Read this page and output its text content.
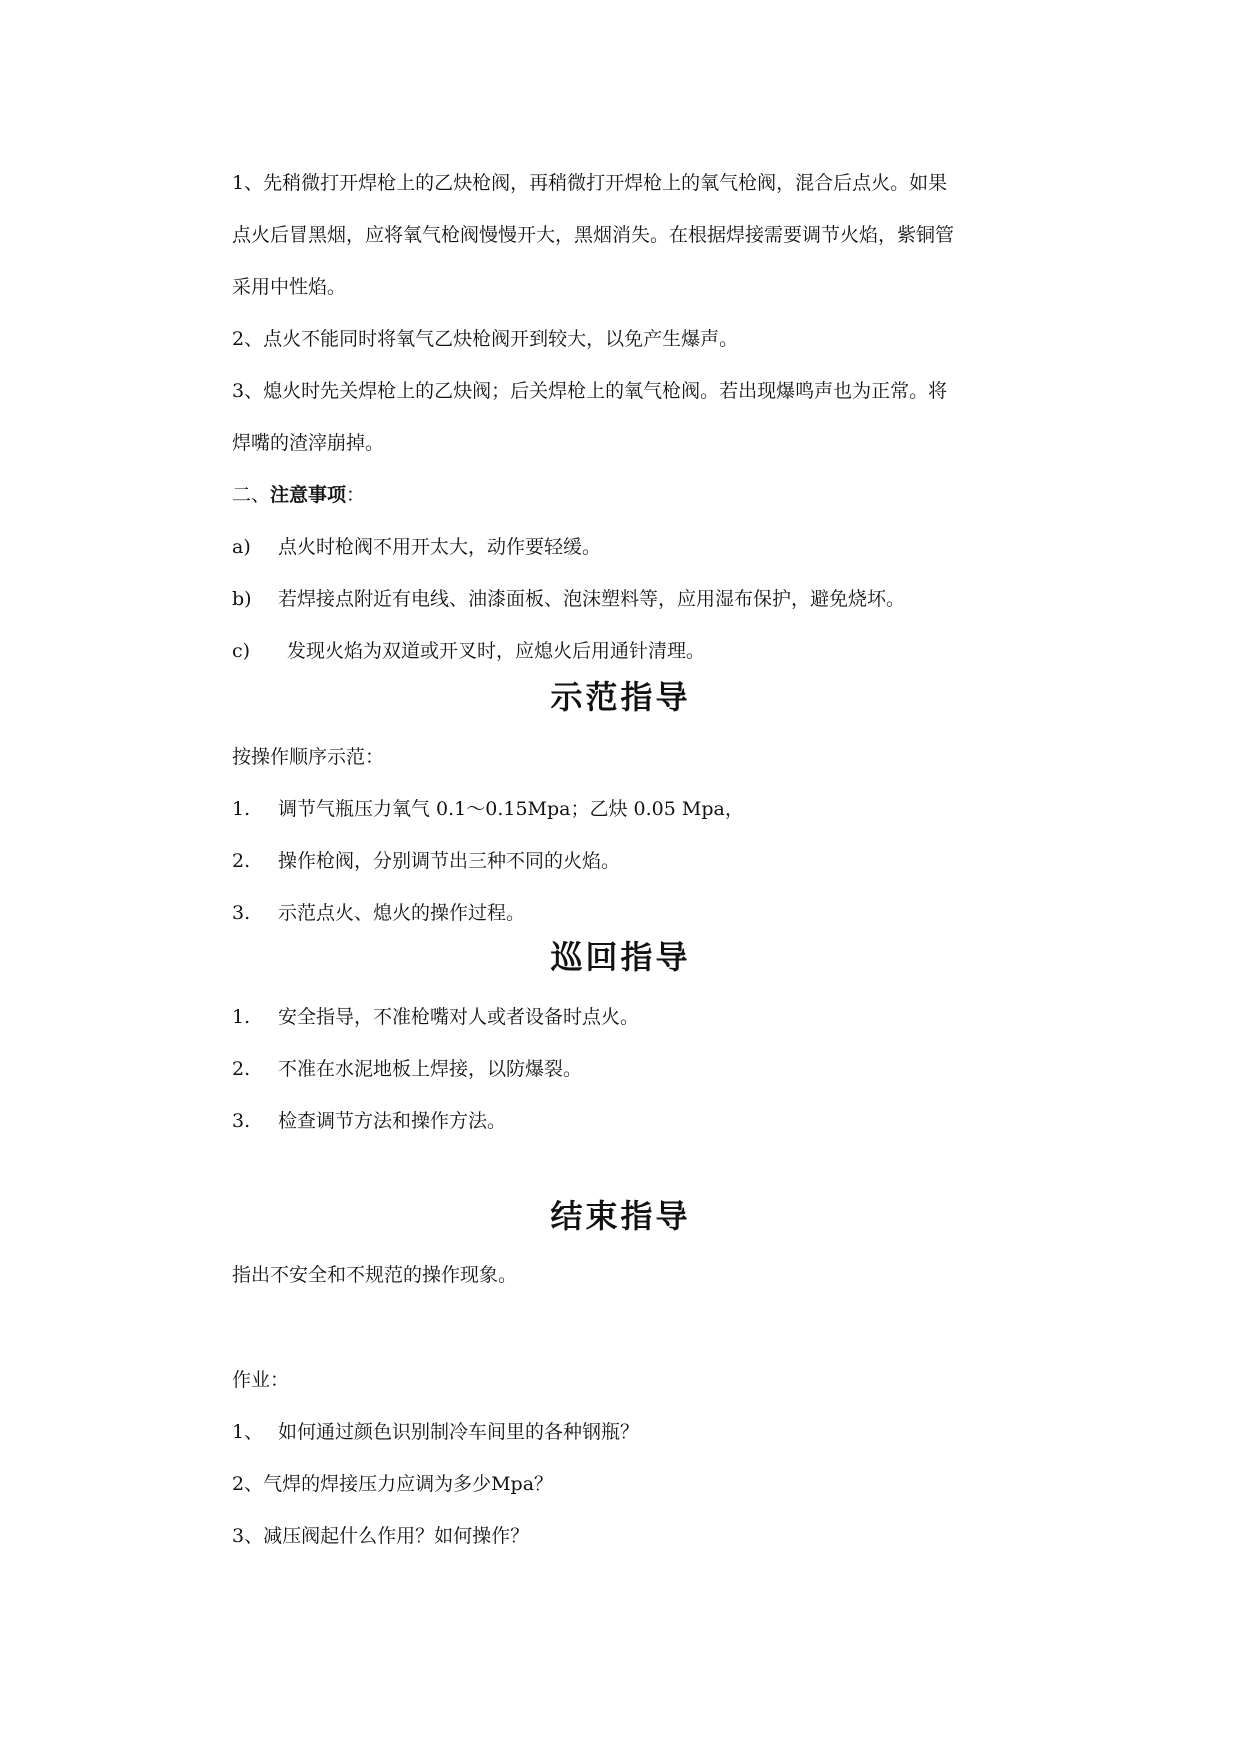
1、先稍微打开焊枪上的乙炔枪阀，再稍微打开焊枪上的氧气枪阀，混合后点火。如果
点火后冒黑烟，应将氧气枪阀慢慢开大，黑烟消失。在根据焊接需要调节火焰，紫铜管
采用中性焰。
2、点火不能同时将氧气乙炔枪阀开到较大，以免产生爆声。
3、熄火时先关焊枪上的乙炔阀；后关焊枪上的氧气枪阀。若出现爆鸣声也为正常。将
焊嘴的渣滓崩掉。
二、注意事项：
a) 点火时枪阀不用开太大，动作要轻缓。
b) 若焊接点附近有电线、油漆面板、泡沫塑料等，应用湿布保护，避免烧坏。
c) 发现火焰为双道或开叉时，应熄火后用通针清理。
示范指导
按操作顺序示范：
1. 调节气瓶压力氧气 0.1～0.15Mpa；乙炔 0.05 Mpa，
2. 操作枪阀，分别调节出三种不同的火焰。
3. 示范点火、熄火的操作过程。
巡回指导
1. 安全指导，不准枪嘴对人或者设备时点火。
2. 不准在水泥地板上焊接，以防爆裂。
3. 检查调节方法和操作方法。
结束指导
指出不安全和不规范的操作现象。
作业：
1、 如何通过颜色识别制冷车间里的各种钢瓶？
2、气焊的焊接压力应调为多少Mpa？
3、减压阀起什么作用？如何操作？
